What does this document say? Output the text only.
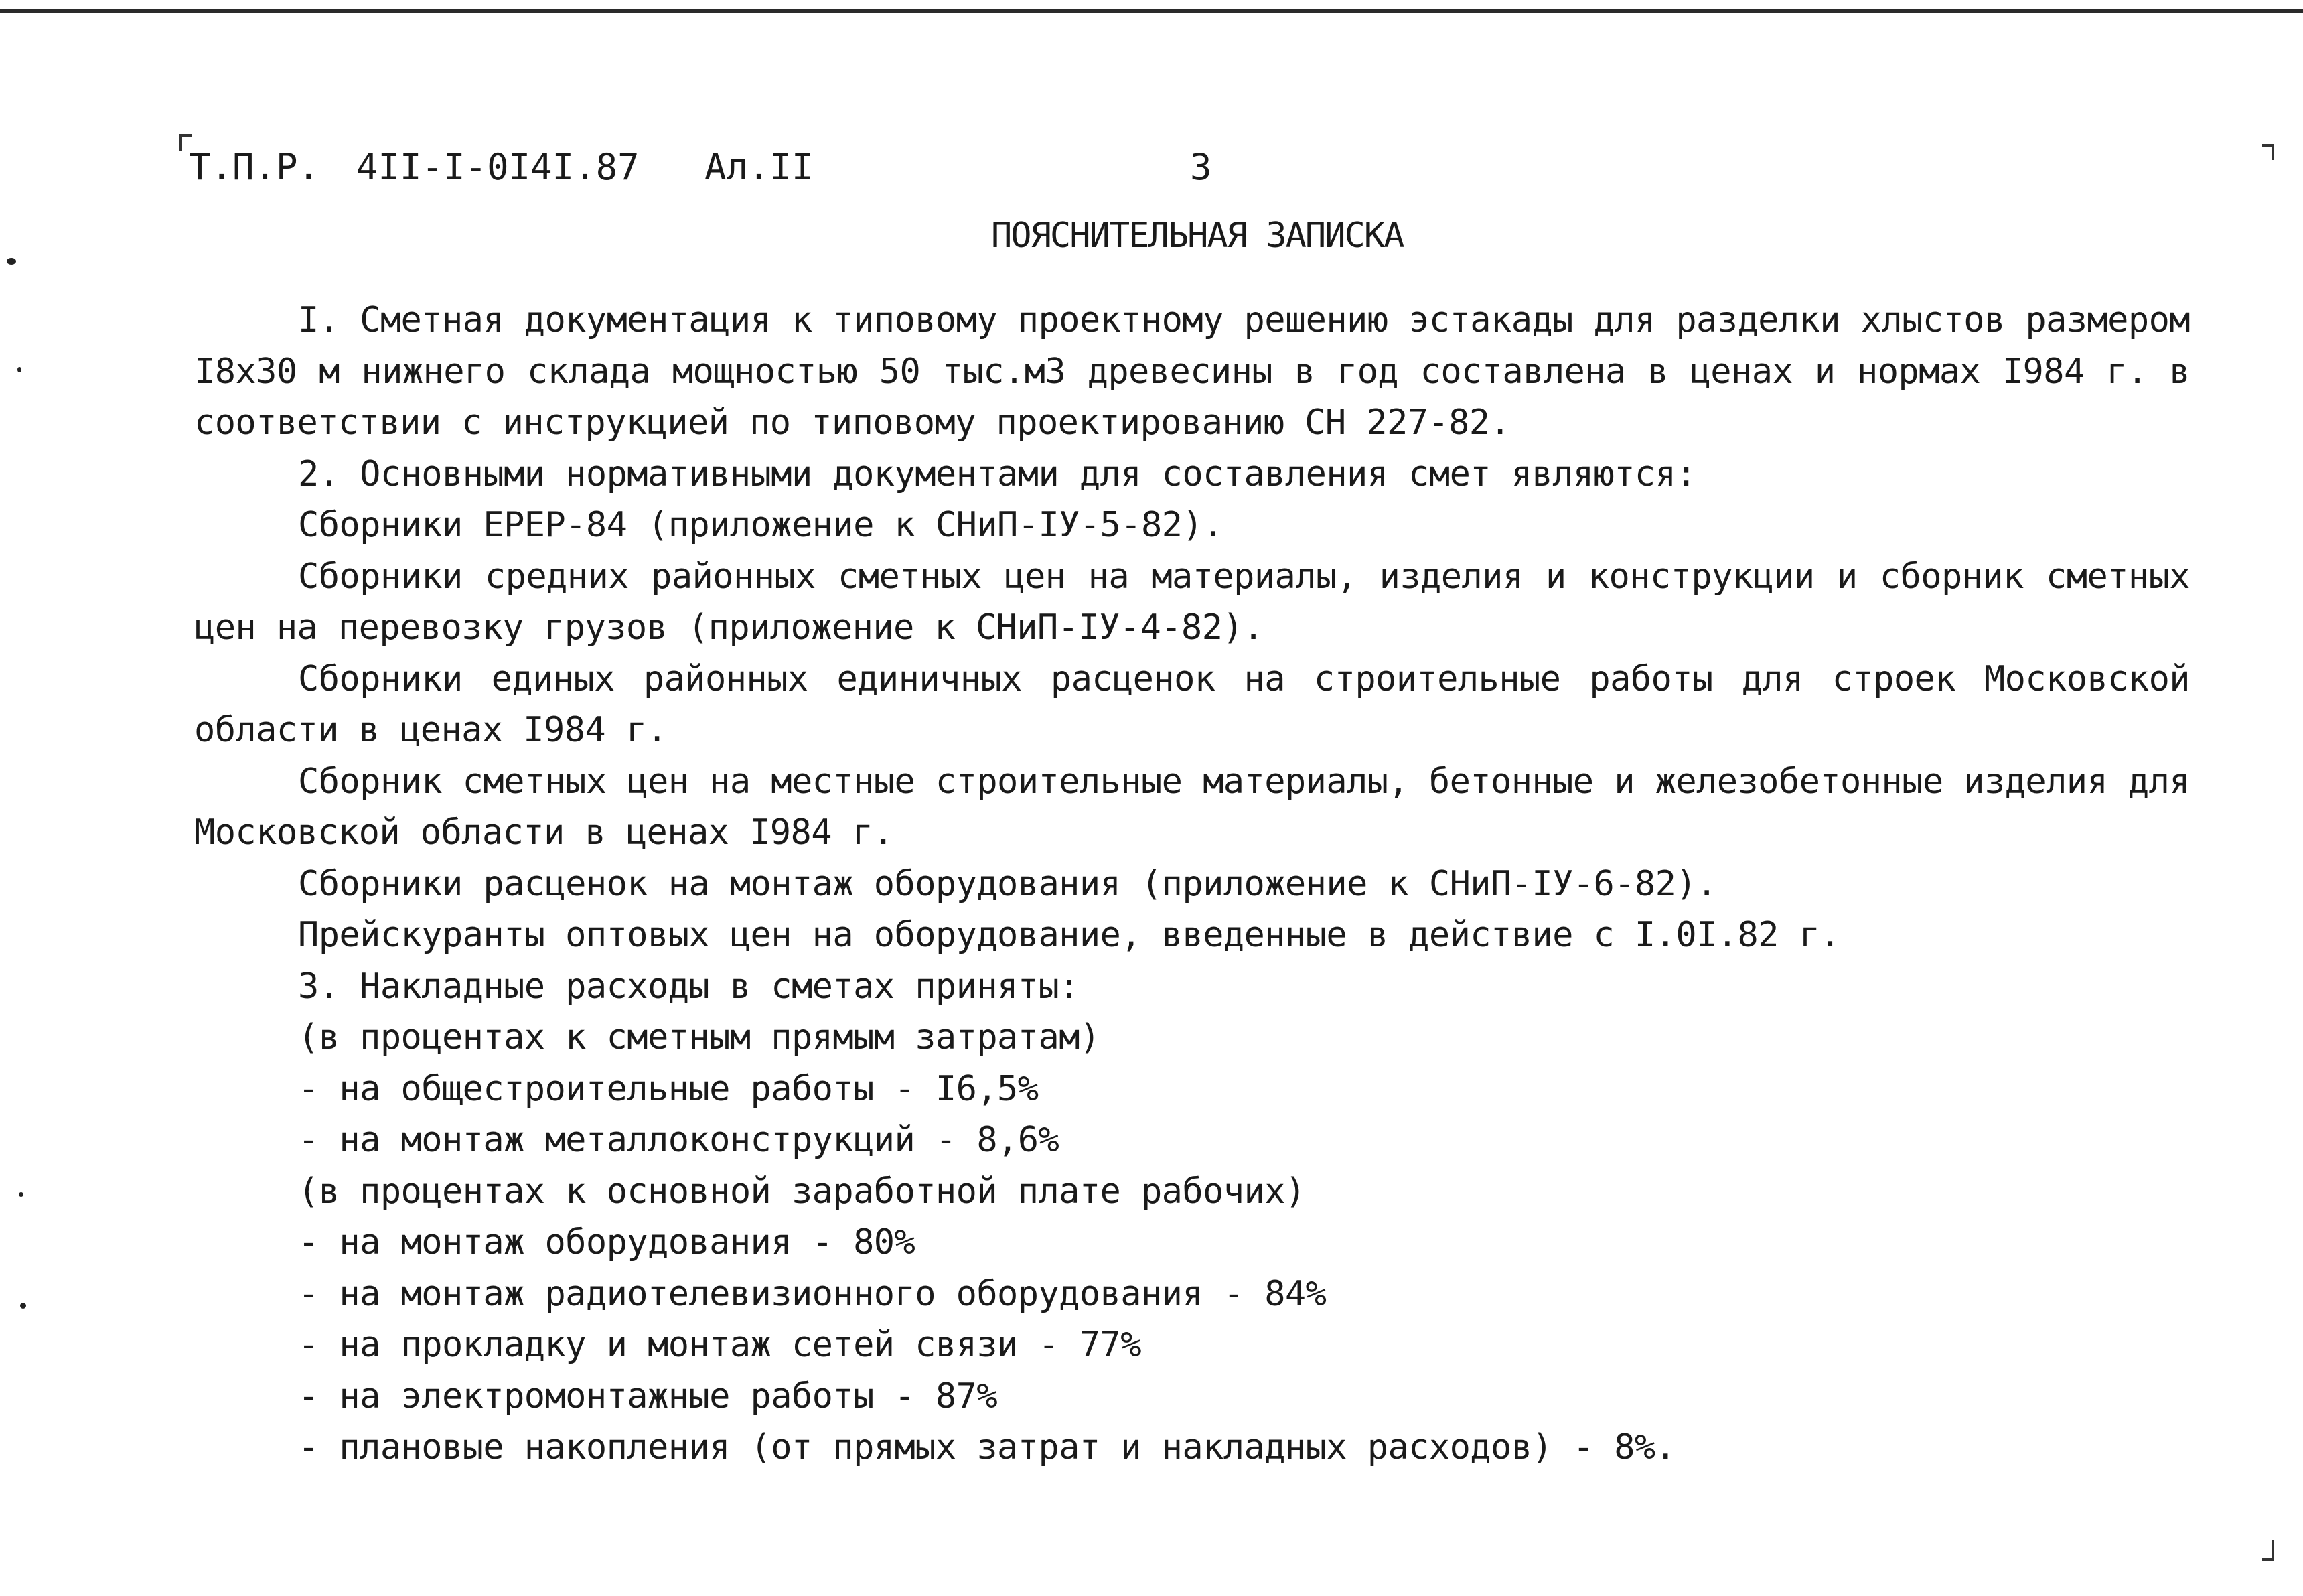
Т.П.Р.

4II-I-0I4I.87

Ал.II

	3

ПОЯСНИТЕЛЬНАЯ ЗАПИСКА

I. Сметная документация к типовому проектному решению эстакады для разделки хлыстов размером I8x30 м нижнего склада мощностью 50 тыс.м3 древесины в год составлена в ценах и нормах I984 г. в соответствии с инструкцией по типовому проектированию СН 227-82.

2. Основными нормативными документами для составления смет являются:

Сборники ЕРЕР-84 (приложение к СНиП-IУ-5-82).

Сборники средних районных сметных цен на материалы, изделия и конструкции и сборник сметных цен на перевозку грузов (приложение к СНиП-IУ-4-82).

Сборники единых районных единичных расценок на строительные работы для строек Московской области в ценах I984 г.

Сборник сметных цен на местные строительные материалы, бетонные и железобетонные изделия для Московской области в ценах I984 г.

Сборники расценок на монтаж оборудования (приложение к СНиП-IУ-6-82).

Прейскуранты оптовых цен на оборудование, введенные в действие с I.0I.82 г.

3. Накладные расходы в сметах приняты:

(в процентах к сметным прямым затратам)

- на общестроительные работы - I6,5%

- на монтаж металлоконструкций - 8,6%

(в процентах к основной заработной плате рабочих)

- на монтаж оборудования - 80%

- на монтаж радиотелевизионного оборудования - 84%

- на прокладку и монтаж сетей связи - 77%

- на электромонтажные работы - 87%

- плановые накопления (от прямых затрат и накладных расходов) - 8%.
